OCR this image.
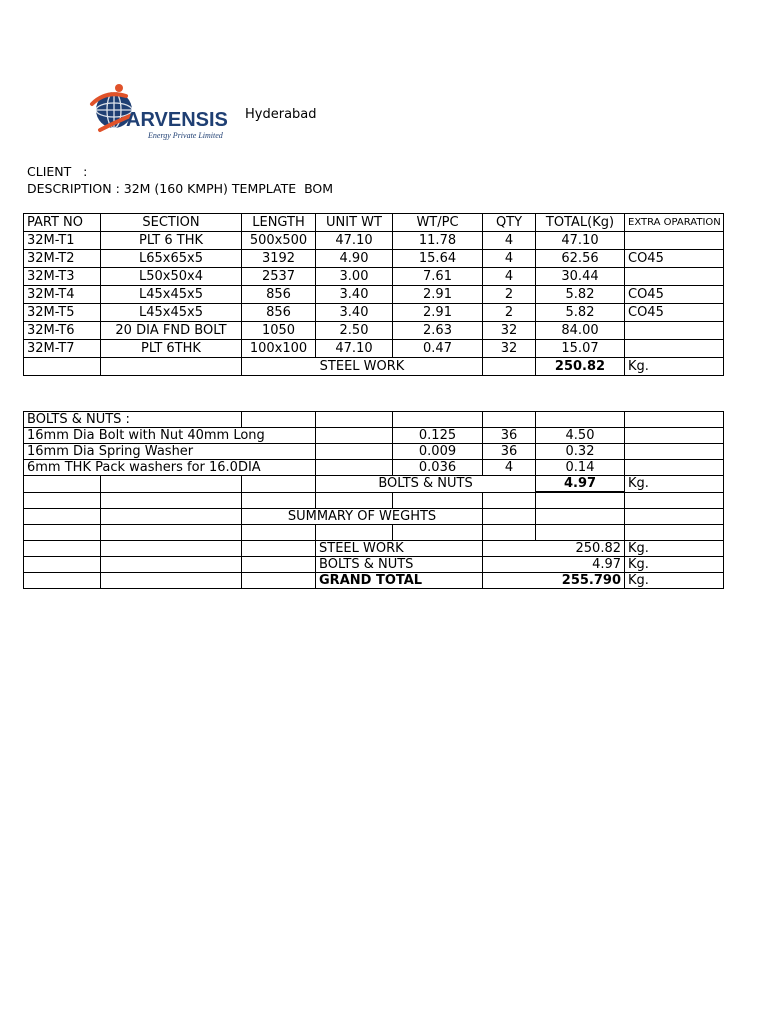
ARVENSIS
Energy Private Limited
Hyderabad
CLIENT   :
DESCRIPTION : 32M (160 KMPH) TEMPLATE  BOM
PART NO	SECTION	LENGTH	UNIT WT	WT/PC	QTY	TOTAL(Kg)	EXTRA OPARATION
32M-T1	PLT 6 THK	500x500	47.10	11.78	4	47.10	
32M-T2	L65x65x5	3192	4.90	15.64	4	62.56	CO45
32M-T3	L50x50x4	2537	3.00	7.61	4	30.44	
32M-T4	L45x45x5	856	3.40	2.91	2	5.82	CO45
32M-T5	L45x45x5	856	3.40	2.91	2	5.82	CO45
32M-T6	20 DIA FND BOLT	1050	2.50	2.63	32	84.00	
32M-T7	PLT 6THK	100x100	47.10	0.47	32	15.07	
		STEEL WORK				250.82	Kg.
BOLTS & NUTS :							
16mm Dia Bolt with Nut 40mm Long				0.125	36	4.50	
16mm Dia Spring Washer				0.009	36	0.32	
6mm THK Pack washers for 16.0DIA				0.036	4	0.14	
			BOLTS & NUTS			4.97	Kg.

		SUMMARY OF WEGHTS					

			STEEL WORK		250.82		Kg.
			BOLTS & NUTS		4.97		Kg.
			GRAND TOTAL		255.790		Kg.
